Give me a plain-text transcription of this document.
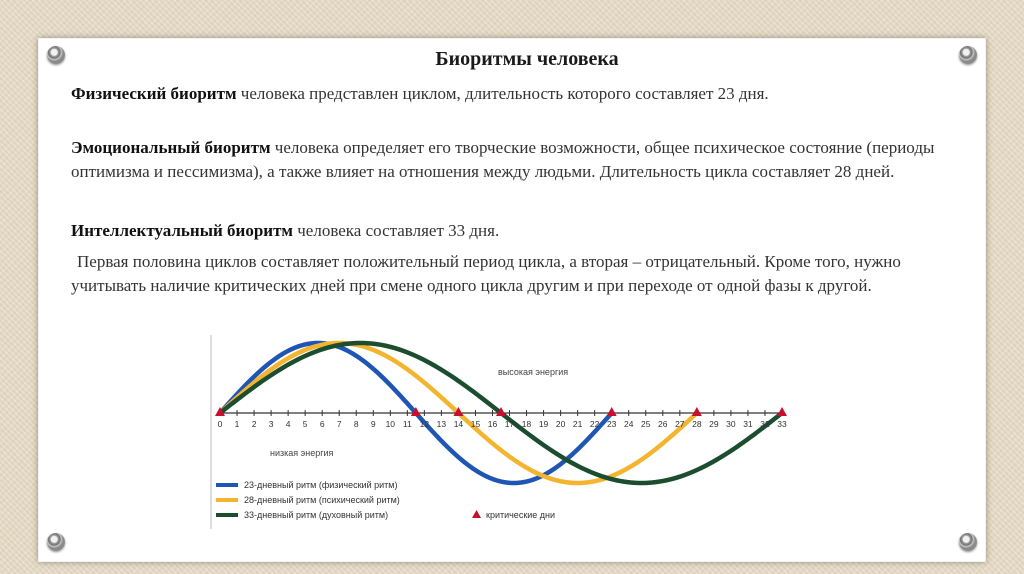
Биоритмы человека

Физический биоритм человека представлен циклом, длительность которого составляет 23 дня.

Эмоциональный биоритм человека определяет его творческие возможности, общее психическое состояние (периоды оптимизма и пессимизма), а также влияет на отношения между людьми. Длительность цикла составляет 28 дней.

Интеллектуальный биоритм человека составляет 33 дня.

Первая половина циклов составляет положительный период цикла, а вторая – отрицательный. Кроме того, нужно учитывать наличие критических дней при смене одного цикла другим и при переходе от одной фазы к другой.

высокая энергия
низкая энергия
0 1 2 3 4 5 6 7 8 9 10 11 12 13 14 15 16 17 18 19 20 21 22 23 24 25 26 27 28 29 30 31 32 33
23-дневный ритм (физический ритм)
28-дневный ритм (психический ритм)
33-дневный ритм (духовный ритм)	критические дни
